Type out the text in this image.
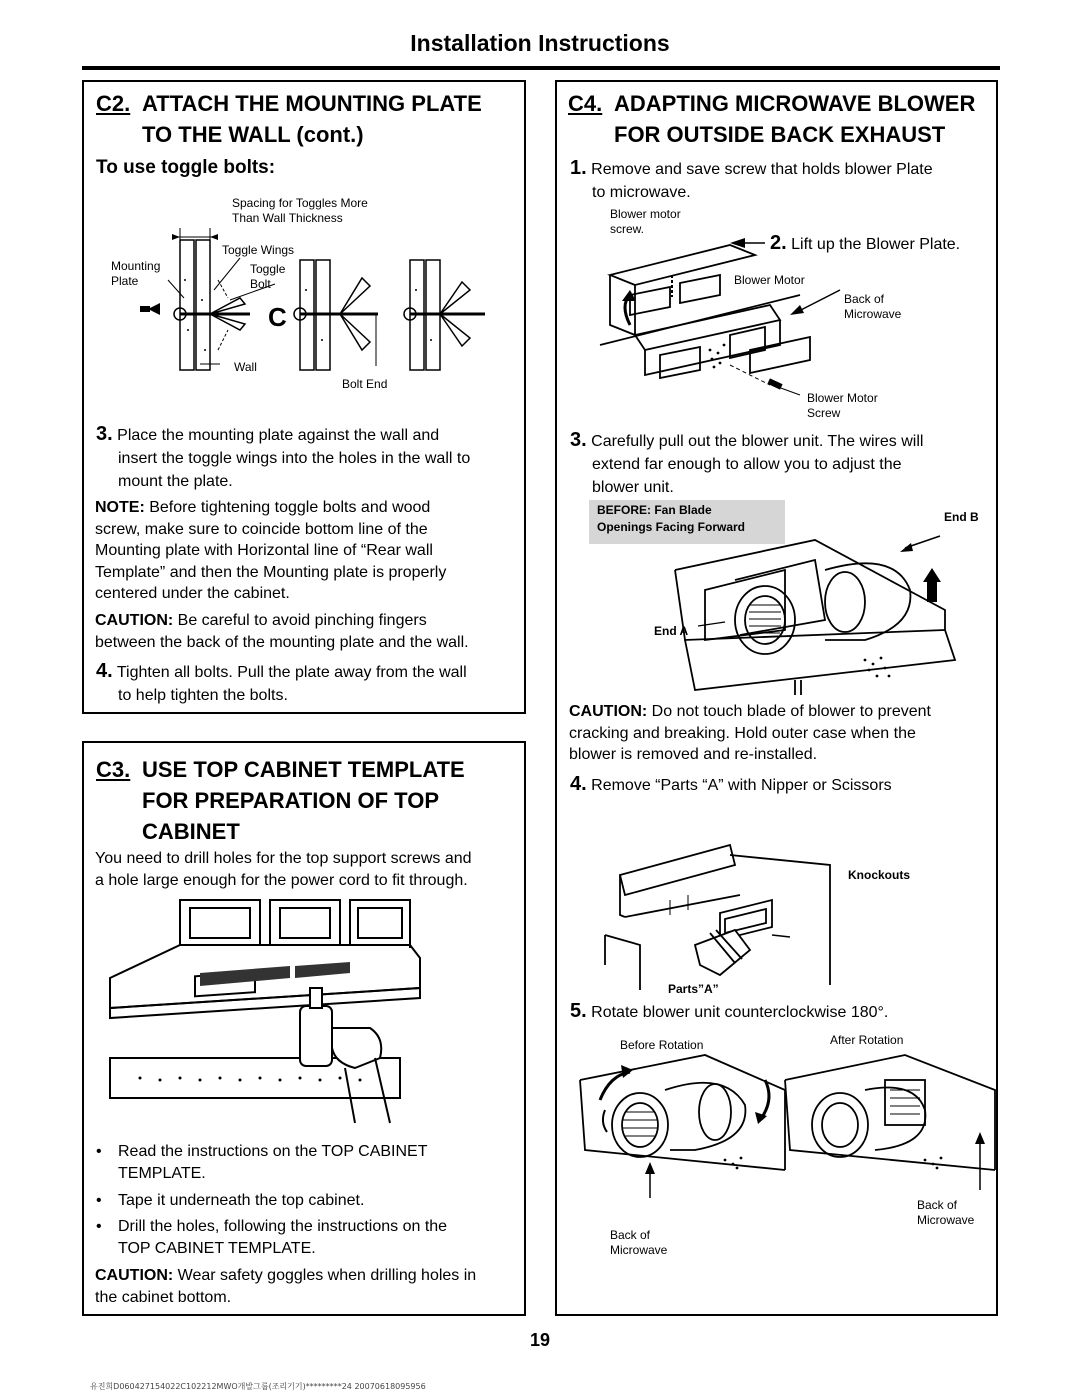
Installation Instructions
C2. ATTACH THE MOUNTING PLATE
TO THE WALL (cont.)
To use toggle bolts:
C
Spacing for Toggles More
Than Wall Thickness
Toggle Wings
Mounting
Plate
Toggle
Bolt
Wall
Bolt End
3. Place the mounting plate against the wall and
insert the toggle wings into the holes in the wall to
mount the plate.
NOTE: Before tightening toggle bolts and wood
screw, make sure to coincide bottom line of the
Mounting plate with Horizontal line of “Rear wall
Template” and then the Mounting plate is properly
centered under the cabinet.
CAUTION: Be careful to avoid pinching fingers
between the back of the mounting plate and the wall.
4. Tighten all bolts. Pull the plate away from the wall
to help tighten the bolts.
C3. USE TOP CABINET TEMPLATE
FOR PREPARATION OF TOP
CABINET
You need to drill holes for the top support screws and
a hole large enough for the power cord to fit through.
• Read the instructions on the TOP CABINET
TEMPLATE.
• Tape it underneath the top cabinet.
• Drill the holes, following the instructions on the
TOP CABINET TEMPLATE.
CAUTION: Wear safety goggles when drilling holes in
the cabinet bottom.
C4. ADAPTING MICROWAVE BLOWER
FOR OUTSIDE BACK EXHAUST
1. Remove and save screw that holds blower Plate
to microwave.
Blower motor
screw.
2. Lift up the Blower Plate.
Blower Motor
Back of
Microwave
Blower Motor
Screw
3. Carefully pull out the blower unit. The wires will
extend far enough to allow you to adjust the
blower unit.
BEFORE: Fan Blade
Openings Facing Forward
End B
End A
CAUTION: Do not touch blade of blower to prevent
cracking and breaking. Hold outer case when the
blower is removed and re-installed.
4. Remove “Parts “A” with Nipper or Scissors
Knockouts
Parts”A”
5. Rotate blower unit counterclockwise 180°.
Before Rotation	After Rotation
Back of
Microwave
Back of
Microwave
19
유진희D060427154022C102212MWO개발그룹(조리기기)*********24 20070618095956
